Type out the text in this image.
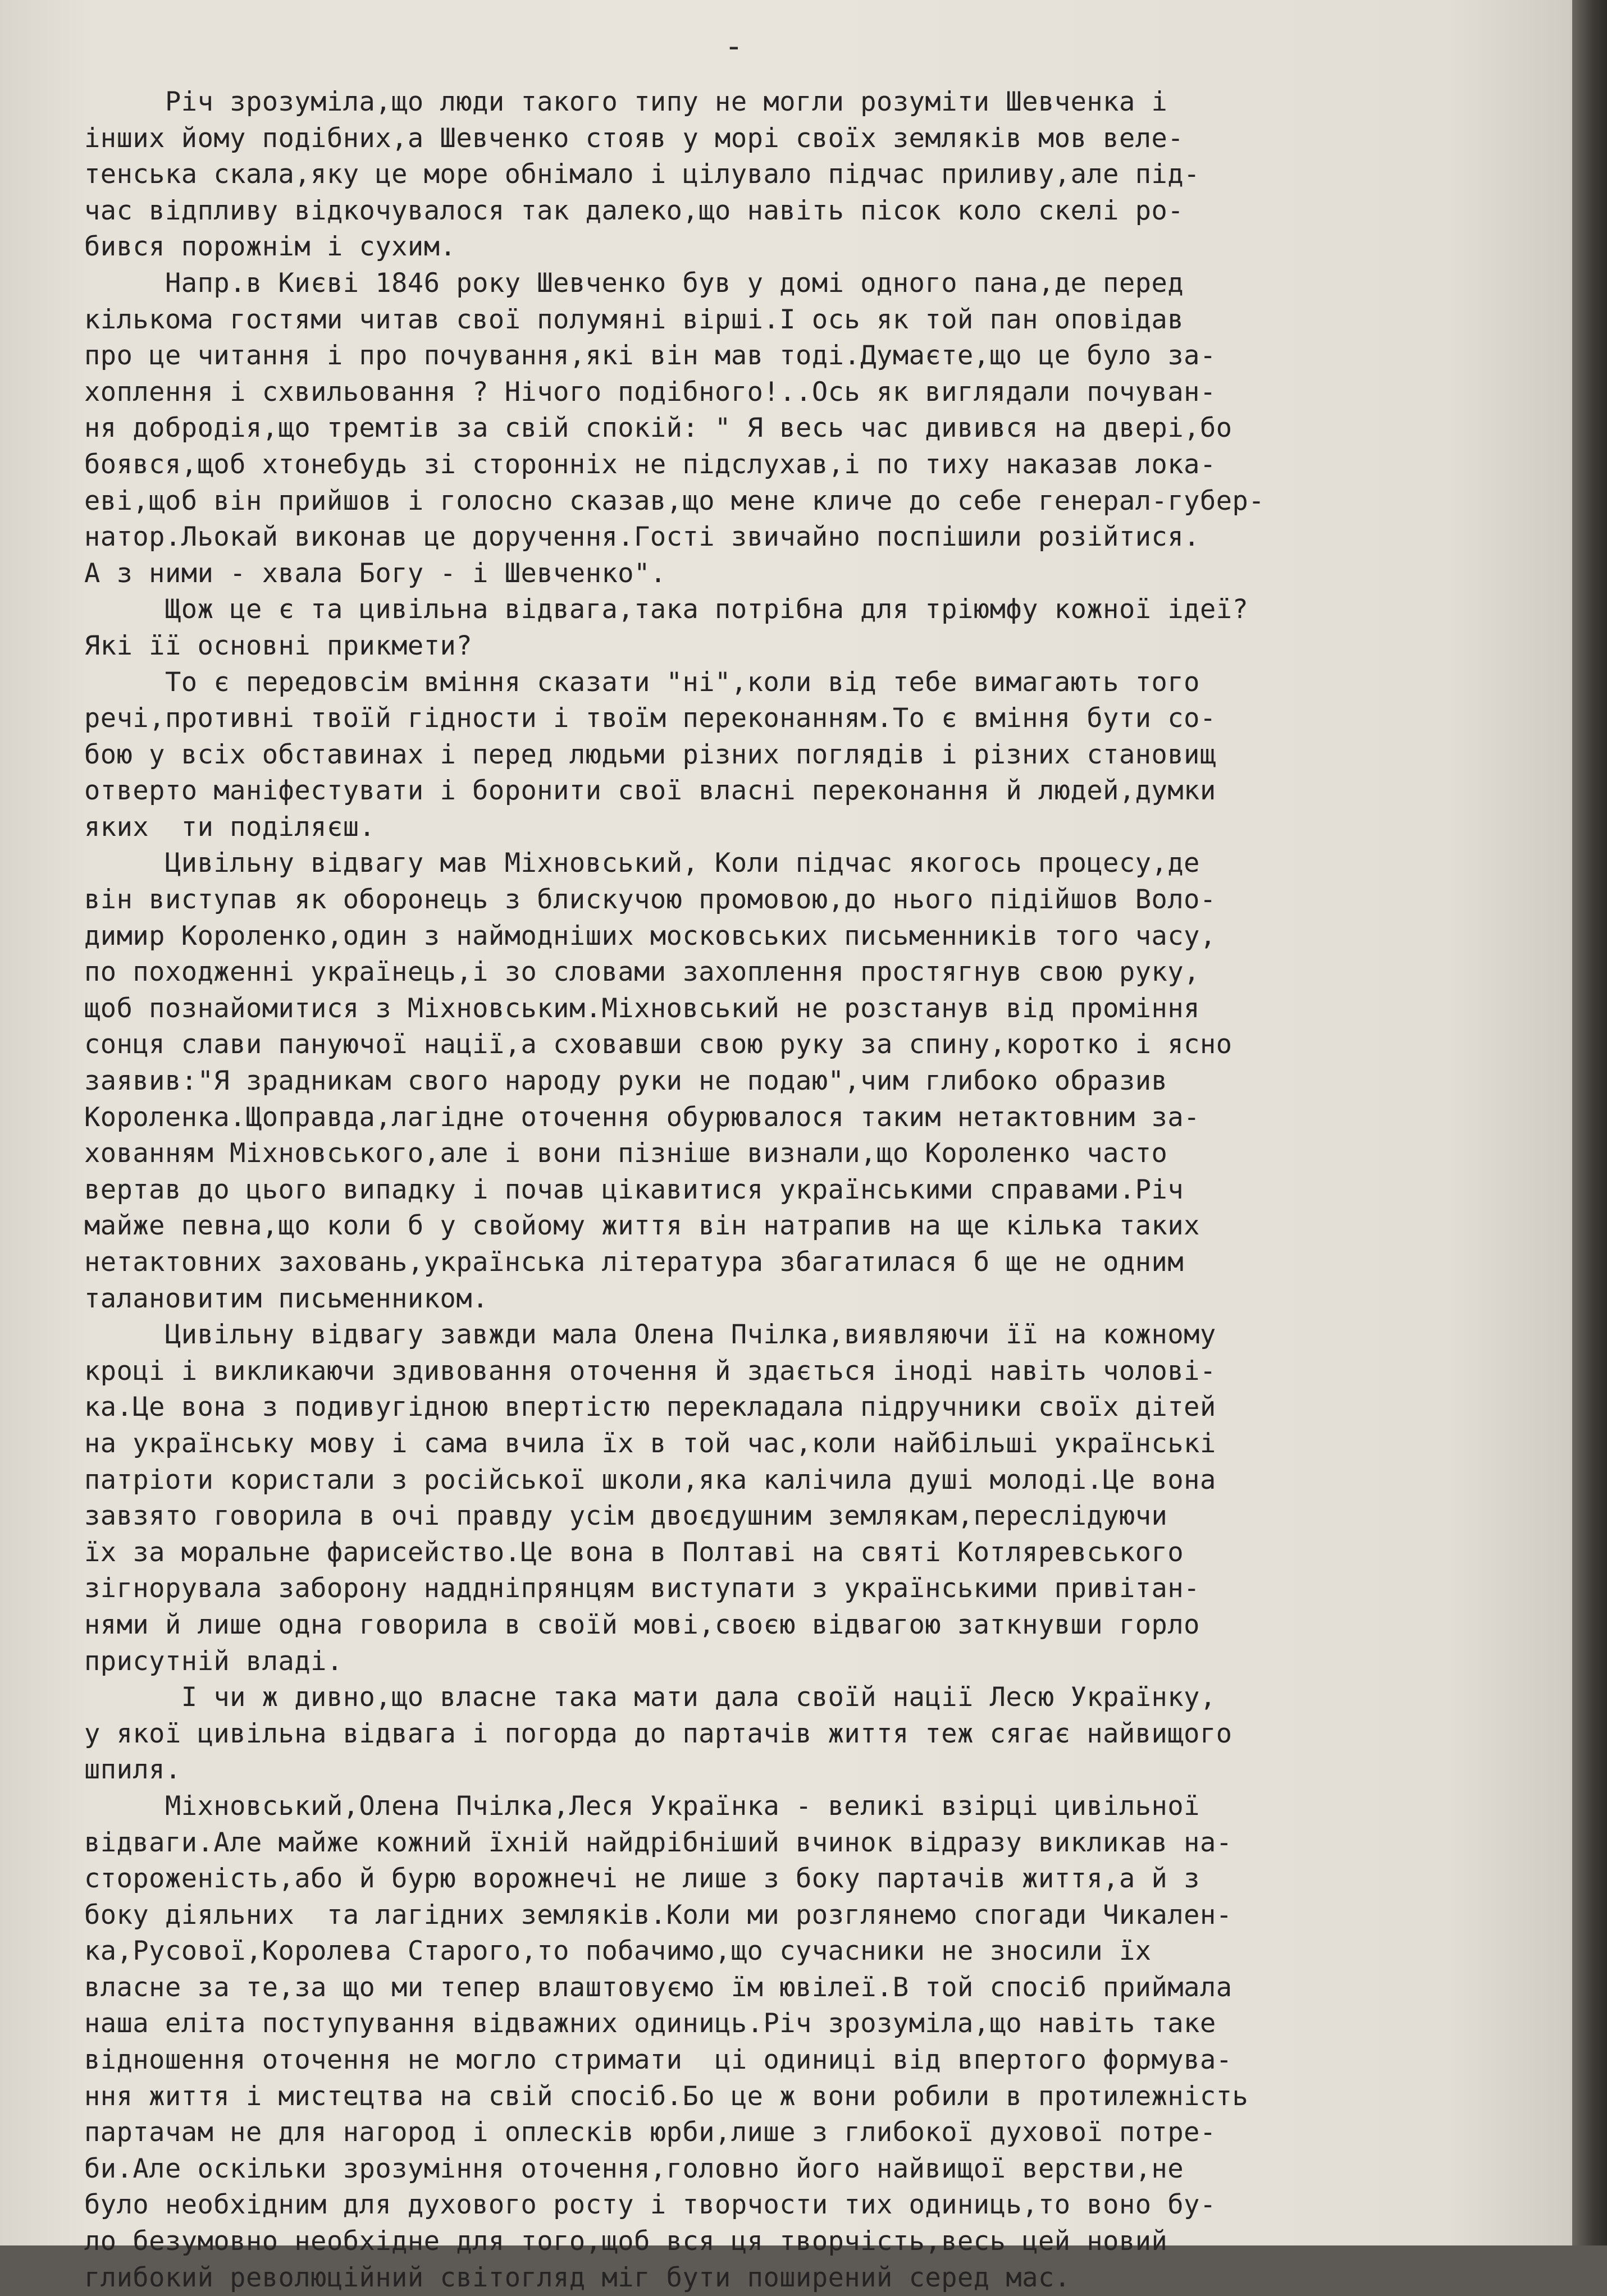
-
Річ зрозуміла,що люди такого типу не могли розуміти Шевченка і
інших йому подібних,а Шевченко стояв у морі своїх земляків мов веле-
тенська скала,яку це море обнімало і цілувало підчас приливу,але під-
час відпливу відкочувалося так далеко,що навіть пісок коло скелі ро-
бився порожнім і сухим.
Напр.в Києві 1846 року Шевченко був у домі одного пана,де перед
кількома гостями читав свої полумяні вірші.І ось як той пан оповідав
про це читання і про почування,які він мав тоді.Думаєте,що це було за-
хоплення і схвильовання ? Нічого подібного!..Ось як виглядали почуван-
ня добродія,що тремтів за свій спокій: " Я весь час дивився на двері,бо
боявся,щоб хтонебудь зі сторонніх не підслухав,і по тиху наказав лока-
еві,щоб він прийшов і голосно сказав,що мене кличе до себе генерал-губер-
натор.Льокай виконав це доручення.Гості звичайно поспішили розійтися.
А з ними - хвала Богу - і Шевченко".
Щож це є та цивільна відвага,така потрібна для тріюмфу кожної ідеї?
Які її основні прикмети?
То є передовсім вміння сказати "ні",коли від тебе вимагають того
речі,противні твоїй гідности і твоїм переконанням.То є вміння бути со-
бою у всіх обставинах і перед людьми різних поглядів і різних становищ
отверто маніфестувати і боронити свої власні переконання й людей,думки
яких  ти поділяєш.
Цивільну відвагу мав Міхновський, Коли підчас якогось процесу,де
він виступав як оборонець з блискучою промовою,до нього підійшов Воло-
димир Короленко,один з наймодніших московських письменників того часу,
по походженні українець,і зо словами захоплення простягнув свою руку,
щоб познайомитися з Міхновським.Міхновський не розстанув від проміння
сонця слави пануючої нації,а сховавши свою руку за спину,коротко і ясно
заявив:"Я зрадникам свого народу руки не подаю",чим глибоко образив
Короленка.Щоправда,лагідне оточення обурювалося таким нетактовним за-
хованням Міхновського,але і вони пізніше визнали,що Короленко часто
вертав до цього випадку і почав цікавитися українськими справами.Річ
майже певна,що коли б у свойому життя він натрапив на ще кілька таких
нетактовних заховань,українська література збагатилася б ще не одним
талановитим письменником.
Цивільну відвагу завжди мала Олена Пчілка,виявляючи її на кожному
кроці і викликаючи здивовання оточення й здається іноді навіть чолові-
ка.Це вона з подивугідною впертістю перекладала підручники своїх дітей
на українську мову і сама вчила їх в той час,коли найбільші українські
патріоти користали з російської школи,яка калічила душі молоді.Це вона
завзято говорила в очі правду усім двоєдушним землякам,переслідуючи
їх за моральне фарисейство.Це вона в Полтаві на святі Котляревського
зігнорувала заборону наддніпрянцям виступати з українськими привітан-
нями й лише одна говорила в своїй мові,своєю відвагою заткнувши горло
присутній владі.
І чи ж дивно,що власне така мати дала своїй нації Лесю Українку,
у якої цивільна відвага і погорда до партачів життя теж сягає найвищого
шпиля.
Міхновський,Олена Пчілка,Леся Українка - великі взірці цивільної
відваги.Але майже кожний їхній найдрібніший вчинок відразу викликав на-
стороженість,або й бурю ворожнечі не лише з боку партачів життя,а й з
боку діяльних  та лагідних земляків.Коли ми розглянемо спогади Чикален-
ка,Русової,Королева Старого,то побачимо,що сучасники не зносили їх
власне за те,за що ми тепер влаштовуємо їм ювілеї.В той спосіб приймала
наша еліта поступування відважних одиниць.Річ зрозуміла,що навіть таке
відношення оточення не могло стримати  ці одиниці від впертого формува-
ння життя і мистецтва на свій спосіб.Бо це ж вони робили в протилежність
партачам не для нагород і оплесків юрби,лише з глибокої духової потре-
би.Але оскільки зрозуміння оточення,головно його найвищої верстви,не
було необхідним для духового росту і творчости тих одиниць,то воно бу-
ло безумовно необхідне для того,щоб вся ця творчість,весь цей новий
глибокий революційний світогляд міг бути поширений серед мас.
